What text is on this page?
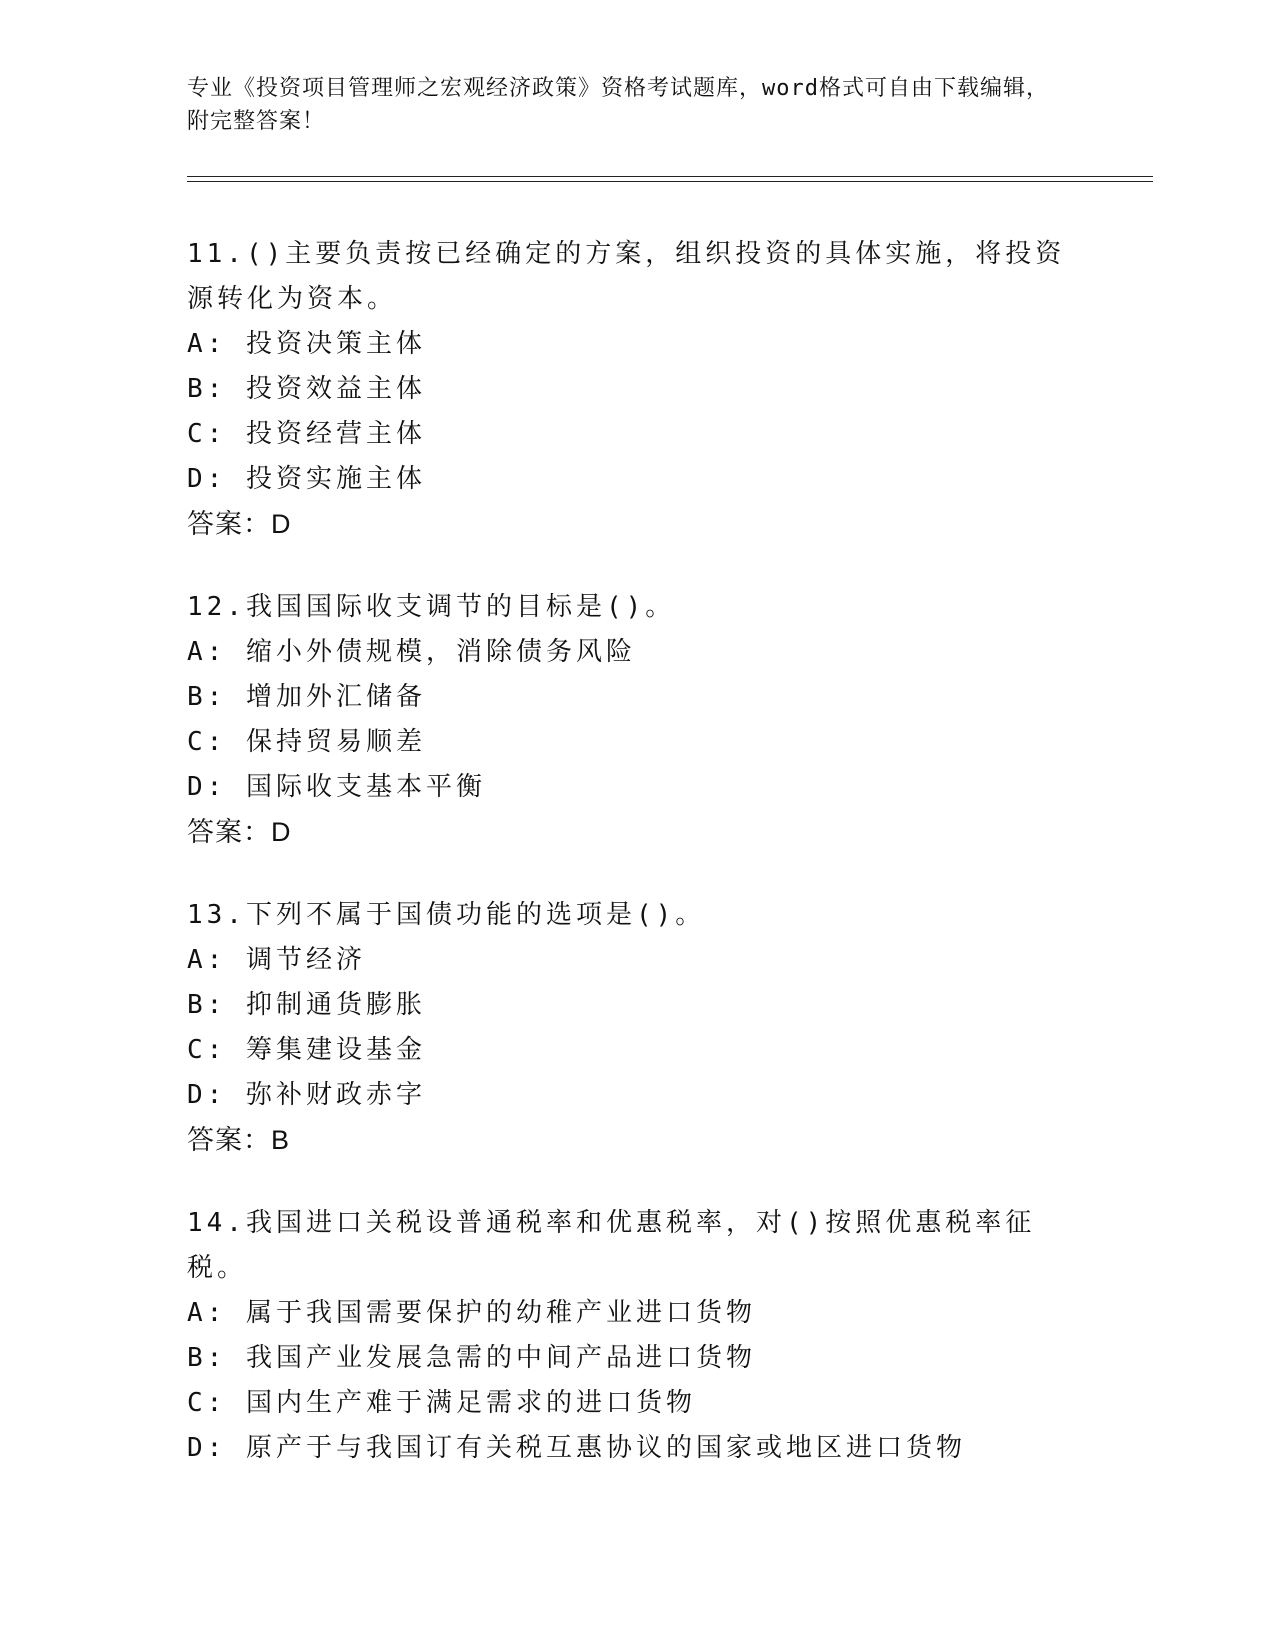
专业《投资项目管理师之宏观经济政策》资格考试题库，word格式可自由下载编辑，附完整答案！
11.()主要负责按已经确定的方案，组织投资的具体实施，将投资源转化为资本。
A: 投资决策主体
B: 投资效益主体
C: 投资经营主体
D: 投资实施主体
答案：D
12.我国国际收支调节的目标是()。
A: 缩小外债规模，消除债务风险
B: 增加外汇储备
C: 保持贸易顺差
D: 国际收支基本平衡
答案：D
13.下列不属于国债功能的选项是()。
A: 调节经济
B: 抑制通货膨胀
C: 筹集建设基金
D: 弥补财政赤字
答案：B
14.我国进口关税设普通税率和优惠税率，对()按照优惠税率征税。
A: 属于我国需要保护的幼稚产业进口货物
B: 我国产业发展急需的中间产品进口货物
C: 国内生产难于满足需求的进口货物
D: 原产于与我国订有关税互惠协议的国家或地区进口货物
